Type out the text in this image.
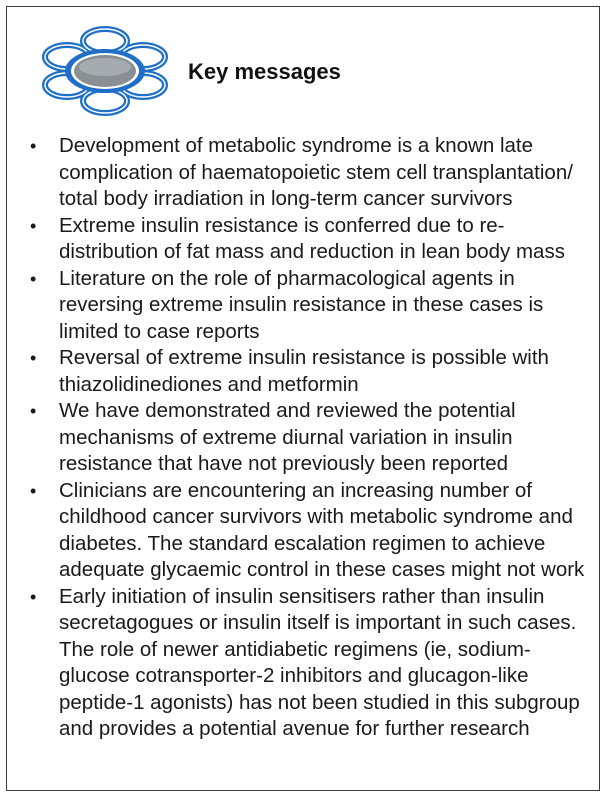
Key messages
• Development of metabolic syndrome is a known late
complication of haematopoietic stem cell transplantation/
total body irradiation in long-term cancer survivors
• Extreme insulin resistance is conferred due to re-
distribution of fat mass and reduction in lean body mass
• Literature on the role of pharmacological agents in
reversing extreme insulin resistance in these cases is
limited to case reports
• Reversal of extreme insulin resistance is possible with
thiazolidinediones and metformin
• We have demonstrated and reviewed the potential
mechanisms of extreme diurnal variation in insulin
resistance that have not previously been reported
• Clinicians are encountering an increasing number of
childhood cancer survivors with metabolic syndrome and
diabetes. The standard escalation regimen to achieve
adequate glycaemic control in these cases might not work
• Early initiation of insulin sensitisers rather than insulin
secretagogues or insulin itself is important in such cases.
The role of newer antidiabetic regimens (ie, sodium-
glucose cotransporter-2 inhibitors and glucagon-like
peptide-1 agonists) has not been studied in this subgroup
and provides a potential avenue for further research
